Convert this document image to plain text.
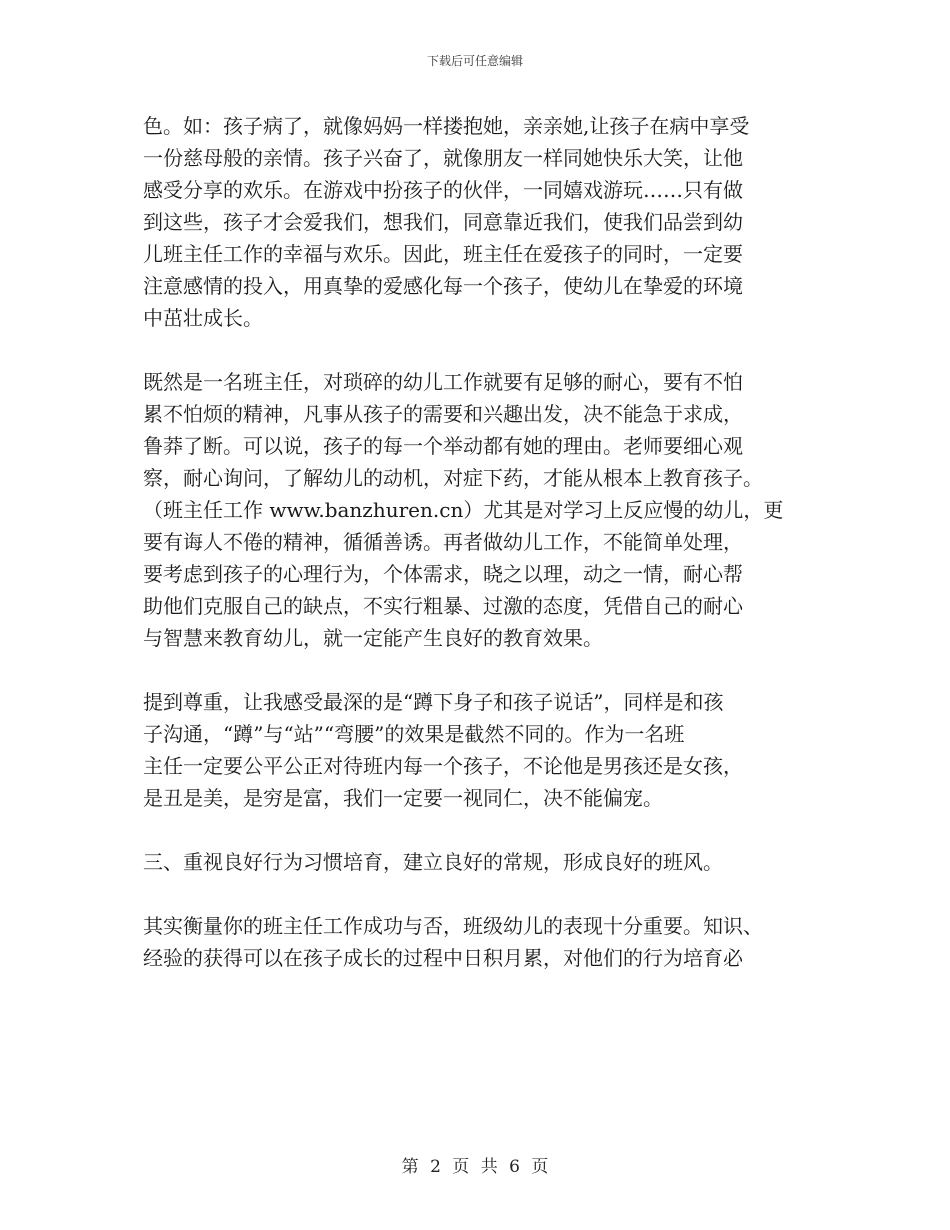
下载后可任意编辑

色。如：孩子病了，就像妈妈一样搂抱她，亲亲她,让孩子在病中享受
一份慈母般的亲情。孩子兴奋了，就像朋友一样同她快乐大笑，让他
感受分享的欢乐。在游戏中扮孩子的伙伴，一同嬉戏游玩……只有做
到这些，孩子才会爱我们，想我们，同意靠近我们，使我们品尝到幼
儿班主任工作的幸福与欢乐。因此，班主任在爱孩子的同时，一定要
注意感情的投入，用真挚的爱感化每一个孩子，使幼儿在挚爱的环境
中茁壮成长。

既然是一名班主任，对琐碎的幼儿工作就要有足够的耐心，要有不怕
累不怕烦的精神，凡事从孩子的需要和兴趣出发，决不能急于求成，
鲁莽了断。可以说，孩子的每一个举动都有她的理由。老师要细心观
察，耐心询问，了解幼儿的动机，对症下药，才能从根本上教育孩子。
（班主任工作 www.banzhuren.cn）尤其是对学习上反应慢的幼儿，更
要有诲人不倦的精神，循循善诱。再者做幼儿工作，不能简单处理，
要考虑到孩子的心理行为，个体需求，晓之以理，动之一情，耐心帮
助他们克服自己的缺点，不实行粗暴、过激的态度，凭借自己的耐心
与智慧来教育幼儿，就一定能产生良好的教育效果。

提到尊重，让我感受最深的是“蹲下身子和孩子说话”，同样是和孩
子沟通，“蹲”与“站”“弯腰”的效果是截然不同的。作为一名班
主任一定要公平公正对待班内每一个孩子，不论他是男孩还是女孩，
是丑是美，是穷是富，我们一定要一视同仁，决不能偏宠。

三、重视良好行为习惯培育，建立良好的常规，形成良好的班风。

其实衡量你的班主任工作成功与否，班级幼儿的表现十分重要。知识、
经验的获得可以在孩子成长的过程中日积月累，对他们的行为培育必

第 2 页 共 6 页
